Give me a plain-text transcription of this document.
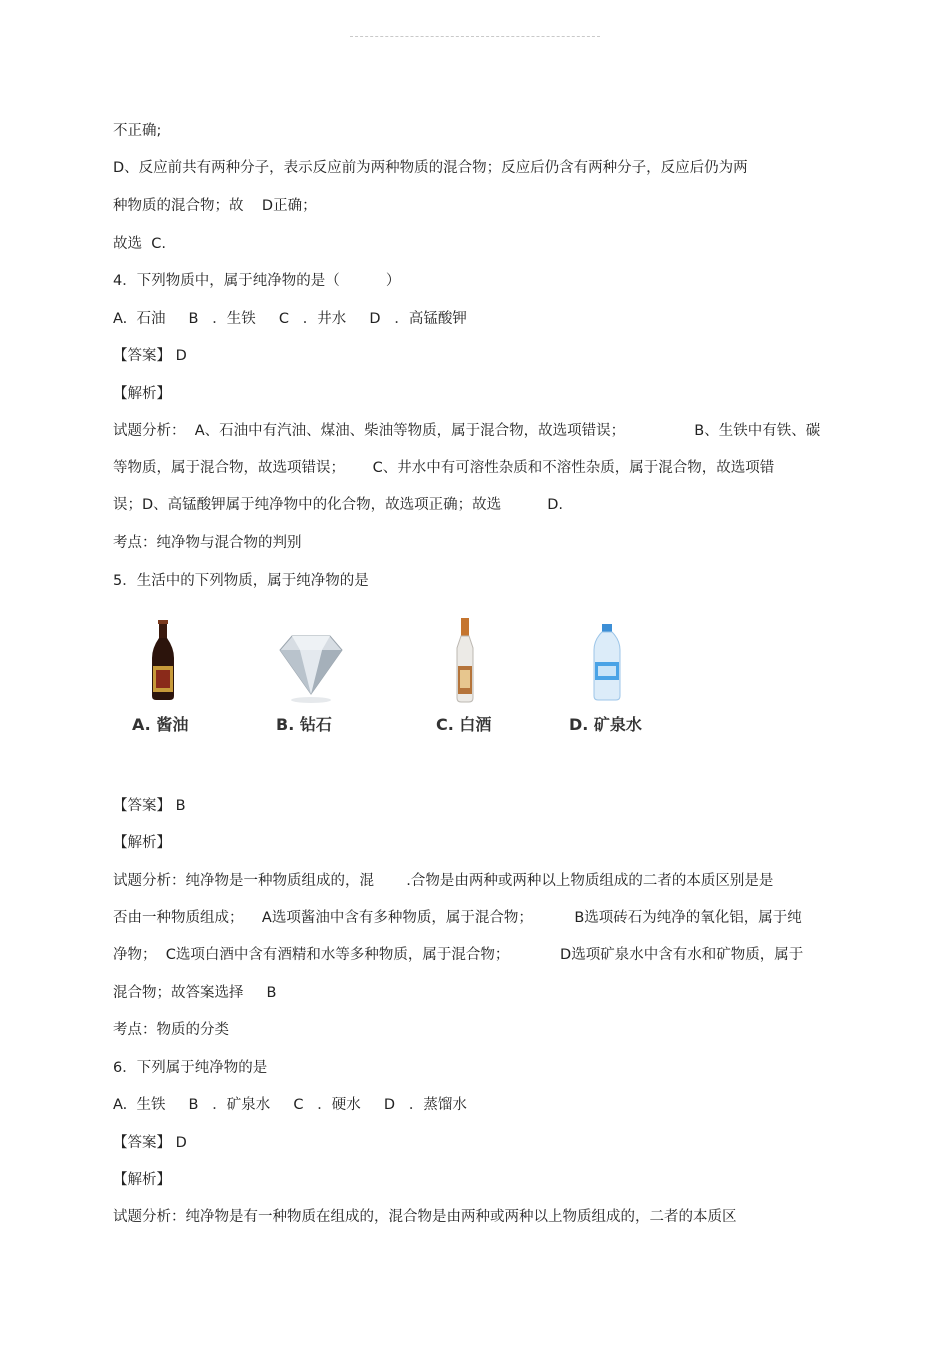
不正确;
D、反应前共有两种分子，表示反应前为两种物质的混合物；反应后仍含有两种分子，反应后仍为两
种物质的混合物；故    D正确；
故选  C.
4．下列物质中，属于纯净物的是（          ）
A.  石油     B   ．生铁     C   ．井水     D   ．高锰酸钾
【答案】 D
【解析】
试题分析：  A、石油中有汽油、煤油、柴油等物质，属于混合物，故选项错误；               B、生铁中有铁、碳
等物质，属于混合物，故选项错误；      C、井水中有可溶性杂质和不溶性杂质，属于混合物，故选项错
误；D、高锰酸钾属于纯净物中的化合物，故选项正确；故选          D.
考点：纯净物与混合物的判别
5．生活中的下列物质，属于纯净物的是
A. 酱油	B. 钻石	C. 白酒	D. 矿泉水
【答案】 B
【解析】
试题分析：纯净物是一种物质组成的，混       .合物是由两种或两种以上物质组成的二者的本质区别是是
否由一种物质组成；    A选项酱油中含有多种物质，属于混合物；         B选项砖石为纯净的氧化铝，属于纯
净物；  C选项白酒中含有酒精和水等多种物质，属于混合物；           D选项矿泉水中含有水和矿物质，属于
混合物；故答案选择     B
考点：物质的分类
6．下列属于纯净物的是
A.  生铁     B   ．矿泉水     C   ．硬水     D   ．蒸馏水
【答案】 D
【解析】
试题分析：纯净物是有一种物质在组成的，混合物是由两种或两种以上物质组成的，二者的本质区
